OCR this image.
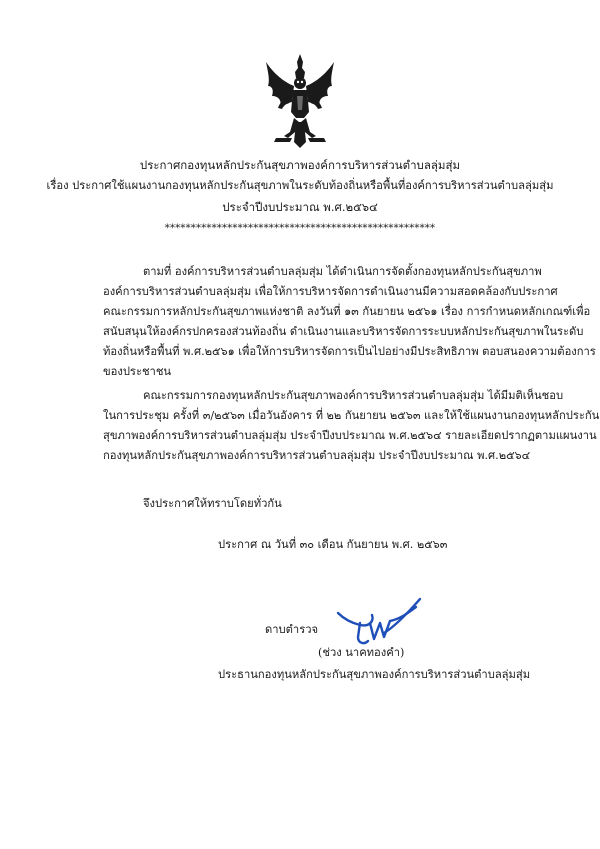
ประกาศกองทุนหลักประกันสุขภาพองค์การบริหารส่วนตำบลลุ่มสุ่ม
เรื่อง ประกาศใช้แผนงานกองทุนหลักประกันสุขภาพในระดับท้องถิ่นหรือพื้นที่องค์การบริหารส่วนตำบลลุ่มสุ่ม
ประจำปีงบประมาณ พ.ศ.๒๕๖๔
****************************************************
ตามที่ องค์การบริหารส่วนตำบลลุ่มสุ่ม ได้ดำเนินการจัดตั้งกองทุนหลักประกันสุขภาพ
องค์การบริหารส่วนตำบลลุ่มสุ่ม เพื่อให้การบริหารจัดการดำเนินงานมีความสอดคล้องกับประกาศ
คณะกรรมการหลักประกันสุขภาพแห่งชาติ ลงวันที่ ๑๓ กันยายน ๒๕๖๑ เรื่อง การกำหนดหลักเกณฑ์เพื่อ
สนับสนุนให้องค์กรปกครองส่วนท้องถิ่น ดำเนินงานและบริหารจัดการระบบหลักประกันสุขภาพในระดับ
ท้องถิ่นหรือพื้นที่ พ.ศ.๒๕๖๑ เพื่อให้การบริหารจัดการเป็นไปอย่างมีประสิทธิภาพ ตอบสนองความต้องการ
ของประชาชน
คณะกรรมการกองทุนหลักประกันสุขภาพองค์การบริหารส่วนตำบลลุ่มสุ่ม ได้มีมติเห็นชอบ
ในการประชุม ครั้งที่ ๓/๒๕๖๓ เมื่อวันอังคาร ที่ ๒๒ กันยายน ๒๕๖๓ และให้ใช้แผนงานกองทุนหลักประกัน
สุขภาพองค์การบริหารส่วนตำบลลุ่มสุ่ม ประจำปีงบประมาณ พ.ศ.๒๕๖๔ รายละเอียดปรากฏตามแผนงาน
กองทุนหลักประกันสุขภาพองค์การบริหารส่วนตำบลลุ่มสุ่ม ประจำปีงบประมาณ พ.ศ.๒๕๖๔
จึงประกาศให้ทราบโดยทั่วกัน
ประกาศ ณ วันที่ ๓๐ เดือน กันยายน พ.ศ. ๒๕๖๓
ดาบตำรวจ
(ช่วง นาคทองคำ)
ประธานกองทุนหลักประกันสุขภาพองค์การบริหารส่วนตำบลลุ่มสุ่ม
